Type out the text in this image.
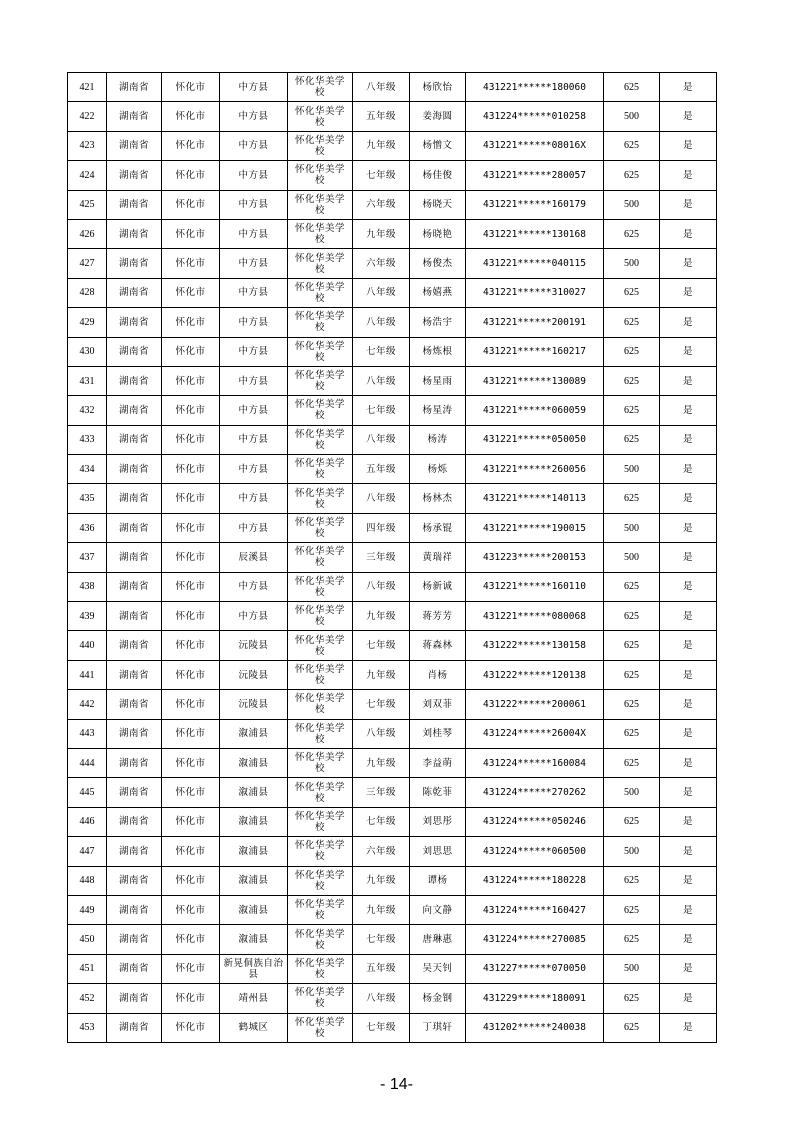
421	湖南省	怀化市	中方县	怀化华美学校	八年级	杨欣怡	431221******180060	625	是
422	湖南省	怀化市	中方县	怀化华美学校	五年级	姜海圆	431224******010258	500	是
423	湖南省	怀化市	中方县	怀化华美学校	九年级	杨憎文	431221******08016X	625	是
424	湖南省	怀化市	中方县	怀化华美学校	七年级	杨佳俊	431221******280057	625	是
425	湖南省	怀化市	中方县	怀化华美学校	六年级	杨晓天	431221******160179	500	是
426	湖南省	怀化市	中方县	怀化华美学校	九年级	杨晓艳	431221******130168	625	是
427	湖南省	怀化市	中方县	怀化华美学校	六年级	杨俊杰	431221******040115	500	是
428	湖南省	怀化市	中方县	怀化华美学校	八年级	杨嬉燕	431221******310027	625	是
429	湖南省	怀化市	中方县	怀化华美学校	八年级	杨浩宇	431221******200191	625	是
430	湖南省	怀化市	中方县	怀化华美学校	七年级	杨炼根	431221******160217	625	是
431	湖南省	怀化市	中方县	怀化华美学校	八年级	杨星雨	431221******130089	625	是
432	湖南省	怀化市	中方县	怀化华美学校	七年级	杨星涛	431221******060059	625	是
433	湖南省	怀化市	中方县	怀化华美学校	八年级	杨涛	431221******050050	625	是
434	湖南省	怀化市	中方县	怀化华美学校	五年级	杨烁	431221******260056	500	是
435	湖南省	怀化市	中方县	怀化华美学校	八年级	杨林杰	431221******140113	625	是
436	湖南省	怀化市	中方县	怀化华美学校	四年级	杨承锟	431221******190015	500	是
437	湖南省	怀化市	辰溪县	怀化华美学校	三年级	黄瑞祥	431223******200153	500	是
438	湖南省	怀化市	中方县	怀化华美学校	八年级	杨新诚	431221******160110	625	是
439	湖南省	怀化市	中方县	怀化华美学校	九年级	蒋芳芳	431221******080068	625	是
440	湖南省	怀化市	沅陵县	怀化华美学校	七年级	蒋森林	431222******130158	625	是
441	湖南省	怀化市	沅陵县	怀化华美学校	九年级	肖杨	431222******120138	625	是
442	湖南省	怀化市	沅陵县	怀化华美学校	七年级	刘双菲	431222******200061	625	是
443	湖南省	怀化市	溆浦县	怀化华美学校	八年级	刘桂琴	431224******26004X	625	是
444	湖南省	怀化市	溆浦县	怀化华美学校	九年级	李益萌	431224******160084	625	是
445	湖南省	怀化市	溆浦县	怀化华美学校	三年级	陈乾菲	431224******270262	500	是
446	湖南省	怀化市	溆浦县	怀化华美学校	七年级	刘思彤	431224******050246	625	是
447	湖南省	怀化市	溆浦县	怀化华美学校	六年级	刘思思	431224******060500	500	是
448	湖南省	怀化市	溆浦县	怀化华美学校	九年级	谭杨	431224******180228	625	是
449	湖南省	怀化市	溆浦县	怀化华美学校	九年级	向文静	431224******160427	625	是
450	湖南省	怀化市	溆浦县	怀化华美学校	七年级	唐琳惠	431224******270085	625	是
451	湖南省	怀化市	新晃侗族自治县	怀化华美学校	五年级	吴天钊	431227******070050	500	是
452	湖南省	怀化市	靖州县	怀化华美学校	八年级	杨金钢	431229******180091	625	是
453	湖南省	怀化市	鹤城区	怀化华美学校	七年级	丁琪轩	431202******240038	625	是
- 14-
